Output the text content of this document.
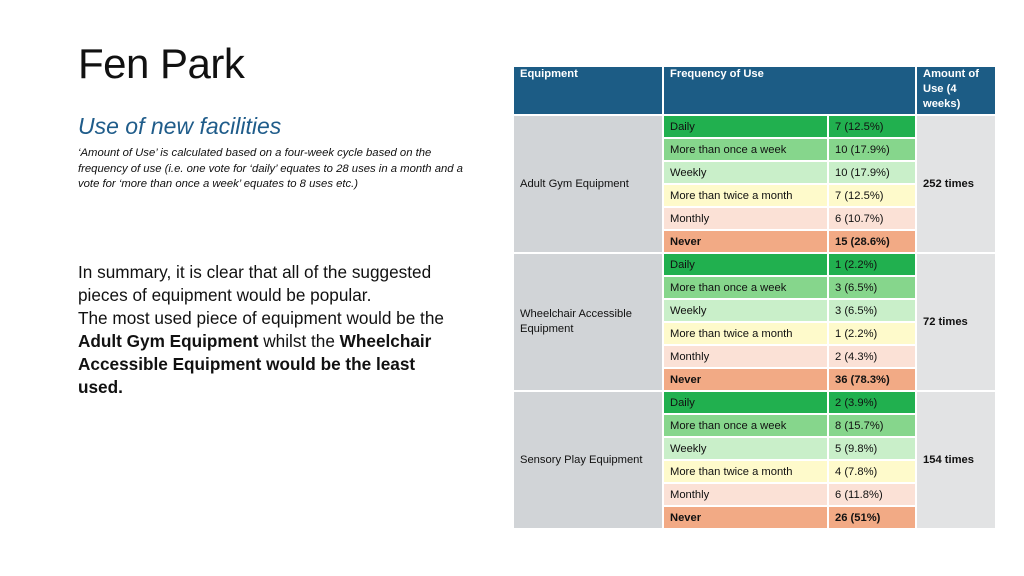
Fen Park
Use of new facilities
‘Amount of Use’ is calculated based on a four-week cycle based on the frequency of use (i.e. one vote for ‘daily’ equates to 28 uses in a month and a vote for ‘more than once a week’ equates to 8 uses etc.)
In summary, it is clear that all of the suggested pieces of equipment would be popular.
The most used piece of equipment would be the Adult Gym Equipment whilst the Wheelchair Accessible Equipment would be the least used.
Equipment	Frequency of Use		Amount of Use (4 weeks)
Adult Gym Equipment	Daily	7 (12.5%)	252 times
	More than once a week	10 (17.9%)	
	Weekly	10 (17.9%)	
	More than twice a month	7 (12.5%)	
	Monthly	6 (10.7%)	
	Never	15 (28.6%)	
Wheelchair Accessible Equipment	Daily	1 (2.2%)	72 times
	More than once a week	3 (6.5%)	
	Weekly	3 (6.5%)	
	More than twice a month	1 (2.2%)	
	Monthly	2 (4.3%)	
	Never	36 (78.3%)	
Sensory Play Equipment	Daily	2 (3.9%)	154 times
	More than once a week	8 (15.7%)	
	Weekly	5 (9.8%)	
	More than twice a month	4 (7.8%)	
	Monthly	6 (11.8%)	
	Never	26 (51%)	
